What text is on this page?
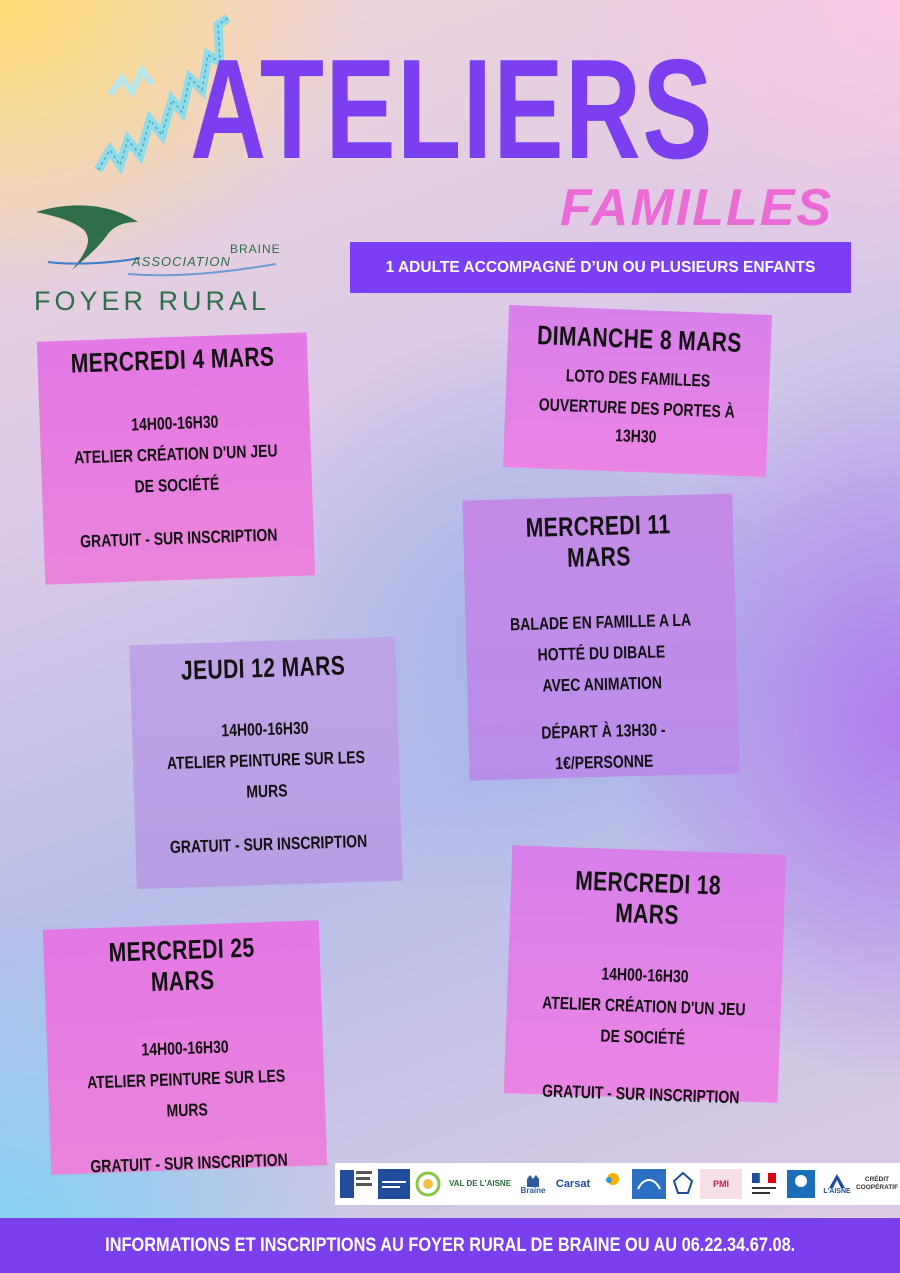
ATELIERS
FAMILLES
1 ADULTE ACCOMPAGNÉ D’UN OU PLUSIEURS ENFANTS
BRAINE
ASSOCIATION
FOYER RURAL
MERCREDI 4 MARS
14H00-16H30
ATELIER CRÉATION D'UN JEU
DE SOCIÉTÉ
GRATUIT - SUR INSCRIPTION
DIMANCHE 8 MARS
LOTO DES FAMILLES
OUVERTURE DES PORTES À
13H30
MERCREDI 11 MARS
BALADE EN FAMILLE A LA
HOTTÉ DU DIBALE
AVEC ANIMATION
DÉPART À 13H30 -
1€/PERSONNE
JEUDI 12 MARS
14H00-16H30
ATELIER PEINTURE SUR LES
MURS
GRATUIT - SUR INSCRIPTION
MERCREDI 18 MARS
14H00-16H30
ATELIER CRÉATION D'UN JEU
DE SOCIÉTÉ
GRATUIT - SUR INSCRIPTION
MERCREDI 25 MARS
14H00-16H30
ATELIER PEINTURE SUR LES
MURS
GRATUIT - SUR INSCRIPTION
VAL DE L'AISNE
Braine
Carsat	PMI
L'AISNE
CRÉDIT COOPÉRATIF
INFORMATIONS ET INSCRIPTIONS AU FOYER RURAL DE BRAINE OU AU 06.22.34.67.08.
